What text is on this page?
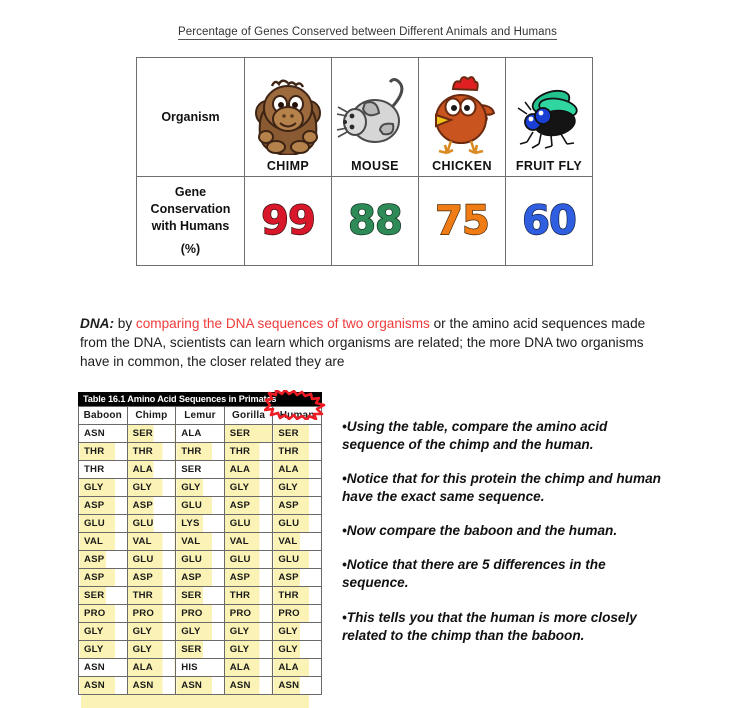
Percentage of Genes Conserved between Different Animals and Humans
Organism	CHIMP	MOUSE	CHICKEN	FRUIT FLY

Gene Conservation with Humans
(%)	99	88	75	60
DNA: by comparing the DNA sequences of two organisms or the amino acid sequences made from the DNA, scientists can learn which organisms are related; the more DNA two organisms have in common, the closer related they are
Table 16.1 Amino Acid Sequences in Primates
Baboon	Chimp	Lemur	Gorilla	Human
ASN	SER	ALA	SER	SER
THR	THR	THR	THR	THR
THR	ALA	SER	ALA	ALA
GLY	GLY	GLY	GLY	GLY
ASP	ASP	GLU	ASP	ASP
GLU	GLU	LYS	GLU	GLU
VAL	VAL	VAL	VAL	VAL
ASP	GLU	GLU	GLU	GLU
ASP	ASP	ASP	ASP	ASP
SER	THR	SER	THR	THR
PRO	PRO	PRO	PRO	PRO
GLY	GLY	GLY	GLY	GLY
GLY	GLY	SER	GLY	GLY
ASN	ALA	HIS	ALA	ALA
ASN	ASN	ASN	ASN	ASN

•Using the table, compare the amino acid sequence of the chimp and the human.

•Notice that for this protein the chimp and human have the exact same sequence.

•Now compare the baboon and the human.

•Notice that there are 5 differences in the sequence.

•This tells you that the human is more closely related to the chimp than the baboon.
